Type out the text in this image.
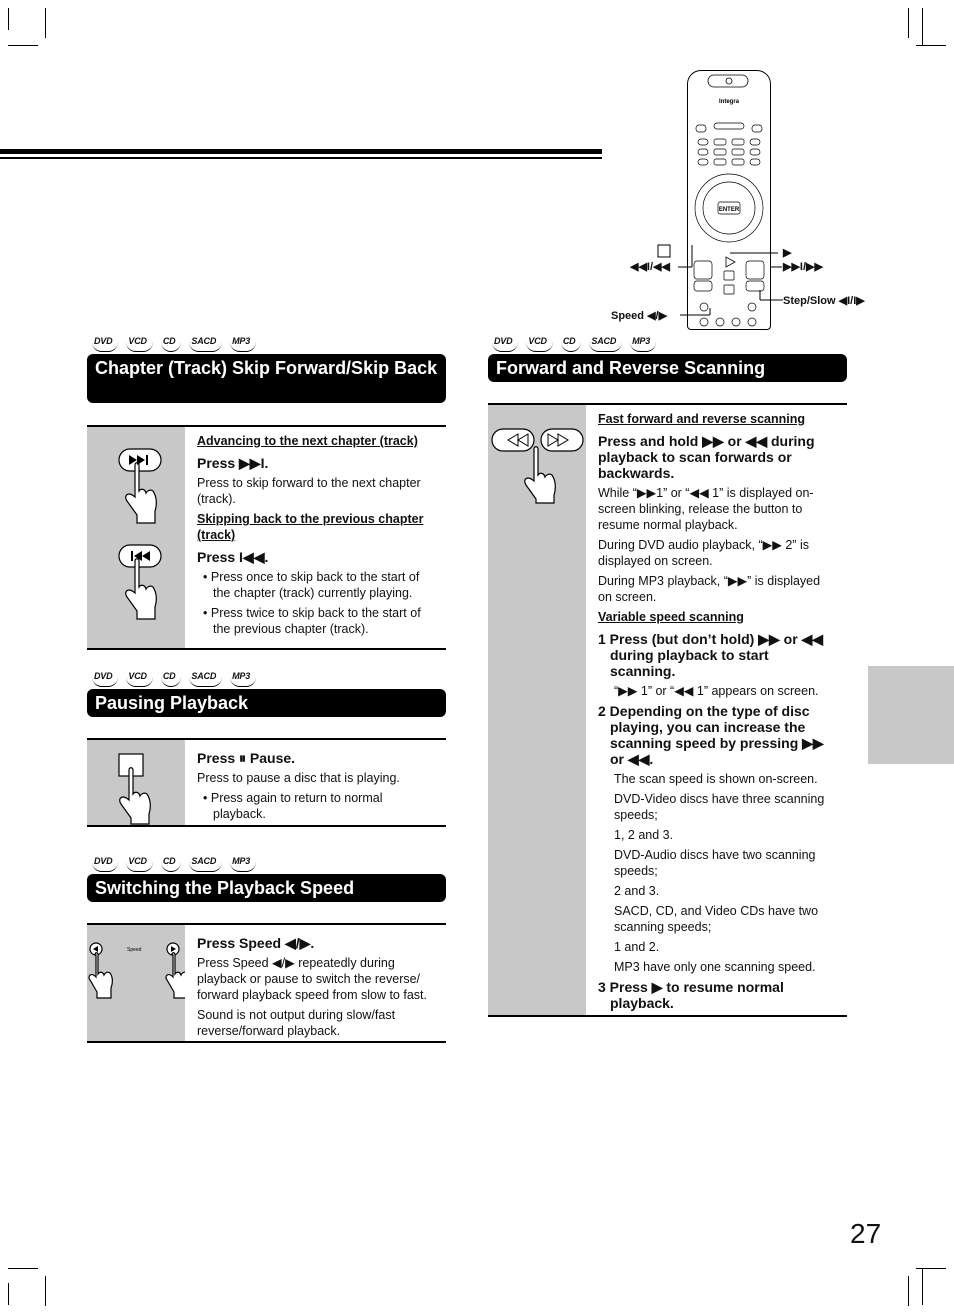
27
Integra
ENTER
◀◀I/◀◀	▶▶I/▶▶
▶
Step/Slow ◀I/I▶
Speed ◀/▶
DVD	VCD	CD	SACD	MP3
Chapter (Track) Skip Forward/Skip Back
Advancing to the next chapter (track)
Press ▶▶I.
Press to skip forward to the next chapter (track).
Skipping back to the previous chapter (track)
Press I◀◀.
• Press once to skip back to the start of the chapter (track) currently playing.
• Press twice to skip back to the start of the previous chapter (track).
DVD	VCD	CD	SACD	MP3
Pausing Playback
Press ⏸ Pause.
Press to pause a disc that is playing.
• Press again to return to normal playback.
DVD	VCD	CD	SACD	MP3
Switching the Playback Speed
Speed	Press Speed ◀/▶.
Press Speed ◀/▶ repeatedly during playback or pause to switch the reverse/ forward playback speed from slow to fast.
Sound is not output during slow/fast reverse/forward playback.
DVD	VCD	CD	SACD	MP3
Forward and Reverse Scanning
Fast forward and reverse scanning
Press and hold ▶▶ or ◀◀ during playback to scan forwards or backwards.
While “▶▶1” or “◀◀ 1” is displayed on-screen blinking, release the button to resume normal playback.
During DVD audio playback, “▶▶ 2” is displayed on screen.
During MP3 playback, “▶▶” is displayed on screen.
Variable speed scanning
1 Press (but don’t hold) ▶▶ or ◀◀ during playback to start scanning.
“▶▶ 1” or “◀◀ 1” appears on screen.
2 Depending on the type of disc playing, you can increase the scanning speed by pressing ▶▶ or ◀◀.
The scan speed is shown on-screen.
DVD-Video discs have three scanning speeds;
1, 2 and 3.
DVD-Audio discs have two scanning speeds;
2 and 3.
SACD, CD, and Video CDs have two scanning speeds;
1 and 2.
MP3 have only one scanning speed.
3 Press ▶ to resume normal playback.
